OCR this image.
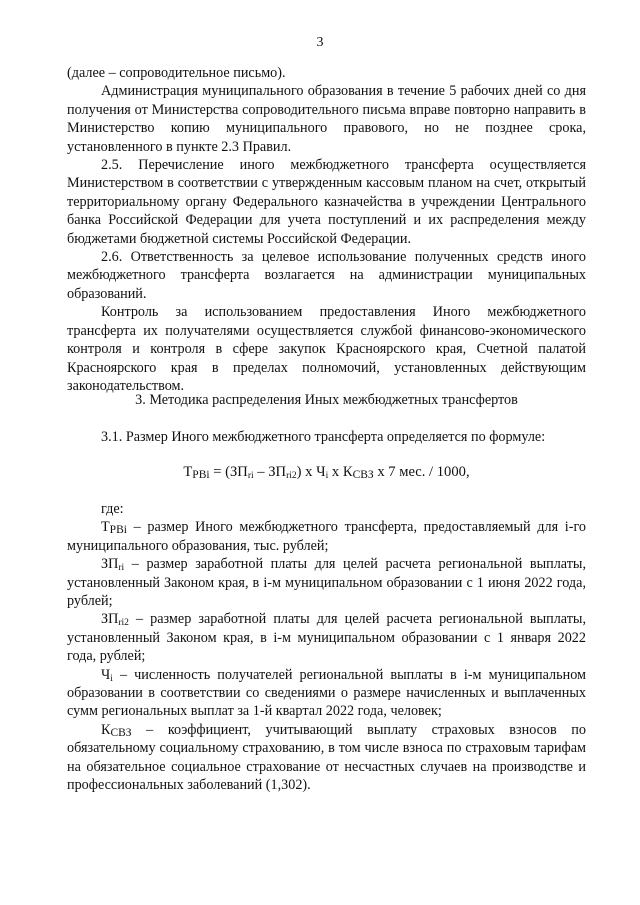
3

(далее – сопроводительное письмо).

Администрация муниципального образования в течение 5 рабочих дней со дня получения от Министерства сопроводительного письма вправе повторно направить в Министерство копию муниципального правового, но не позднее срока, установленного в пункте 2.3 Правил.

2.5. Перечисление иного межбюджетного трансферта осуществляется Министерством в соответствии с утвержденным кассовым планом на счет, открытый территориальному органу Федерального казначейства в учреждении Центрального банка Российской Федерации для учета поступлений и их распределения между бюджетами бюджетной системы Российской Федерации.

2.6. Ответственность за целевое использование полученных средств иного межбюджетного трансферта возлагается на администрации муниципальных образований.

Контроль за использованием предоставления Иного межбюджетного трансферта их получателями осуществляется службой финансово-экономического контроля и контроля в сфере закупок Красноярского края, Счетной палатой Красноярского края в пределах полномочий, установленных действующим законодательством.

3. Методика распределения Иных межбюджетных трансфертов

3.1. Размер Иного межбюджетного трансферта определяется по формуле:

$Т_{РВi} = (ЗП_{ri} - ЗП_{ri2})$ х $Ч_i$ х $К_{СВЗ}$ х 7 мес. / 1000,

где:

$Т_{РВi}$ – размер Иного межбюджетного трансферта, предоставляемый для i-го муниципального образования, тыс. рублей;

$ЗП_{ri}$ – размер заработной платы для целей расчета региональной выплаты, установленный Законом края, в i-м муниципальном образовании с 1 июня 2022 года, рублей;

$ЗП_{ri2}$ – размер заработной платы для целей расчета региональной выплаты, установленный Законом края, в i-м муниципальном образовании с 1 января 2022 года, рублей;

$Ч_i$ – численность получателей региональной выплаты в i-м муниципальном образовании в соответствии со сведениями о размере начисленных и выплаченных сумм региональных выплат за 1-й квартал 2022 года, человек;

$К_{СВЗ}$ – коэффициент, учитывающий выплату страховых взносов по обязательному социальному страхованию, в том числе взноса по страховым тарифам на обязательное социальное страхование от несчастных случаев на производстве и профессиональных заболеваний (1,302).
